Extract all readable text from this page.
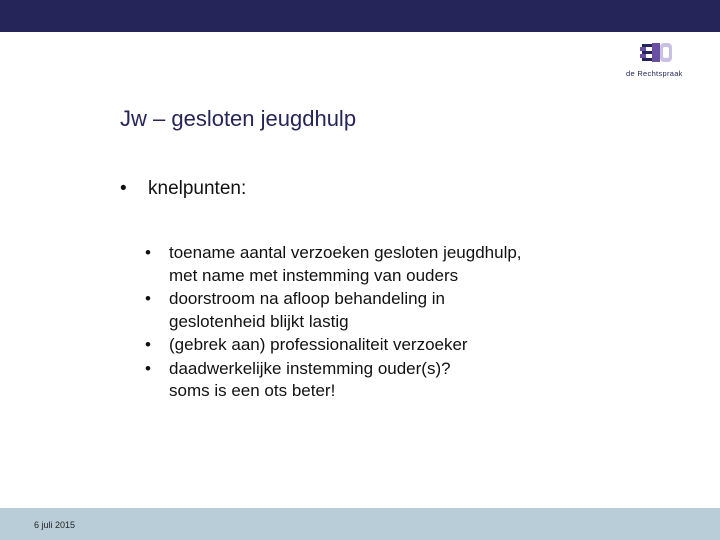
de Rechtspraak
Jw – gesloten jeugdhulp
• knelpunten:
• toename aantal verzoeken gesloten jeugdhulp,
met name met instemming van ouders
• doorstroom na afloop behandeling in
geslotenheid blijkt lastig
• (gebrek aan) professionaliteit verzoeker
• daadwerkelijke instemming ouder(s)?
soms is een ots beter!
6 juli 2015
